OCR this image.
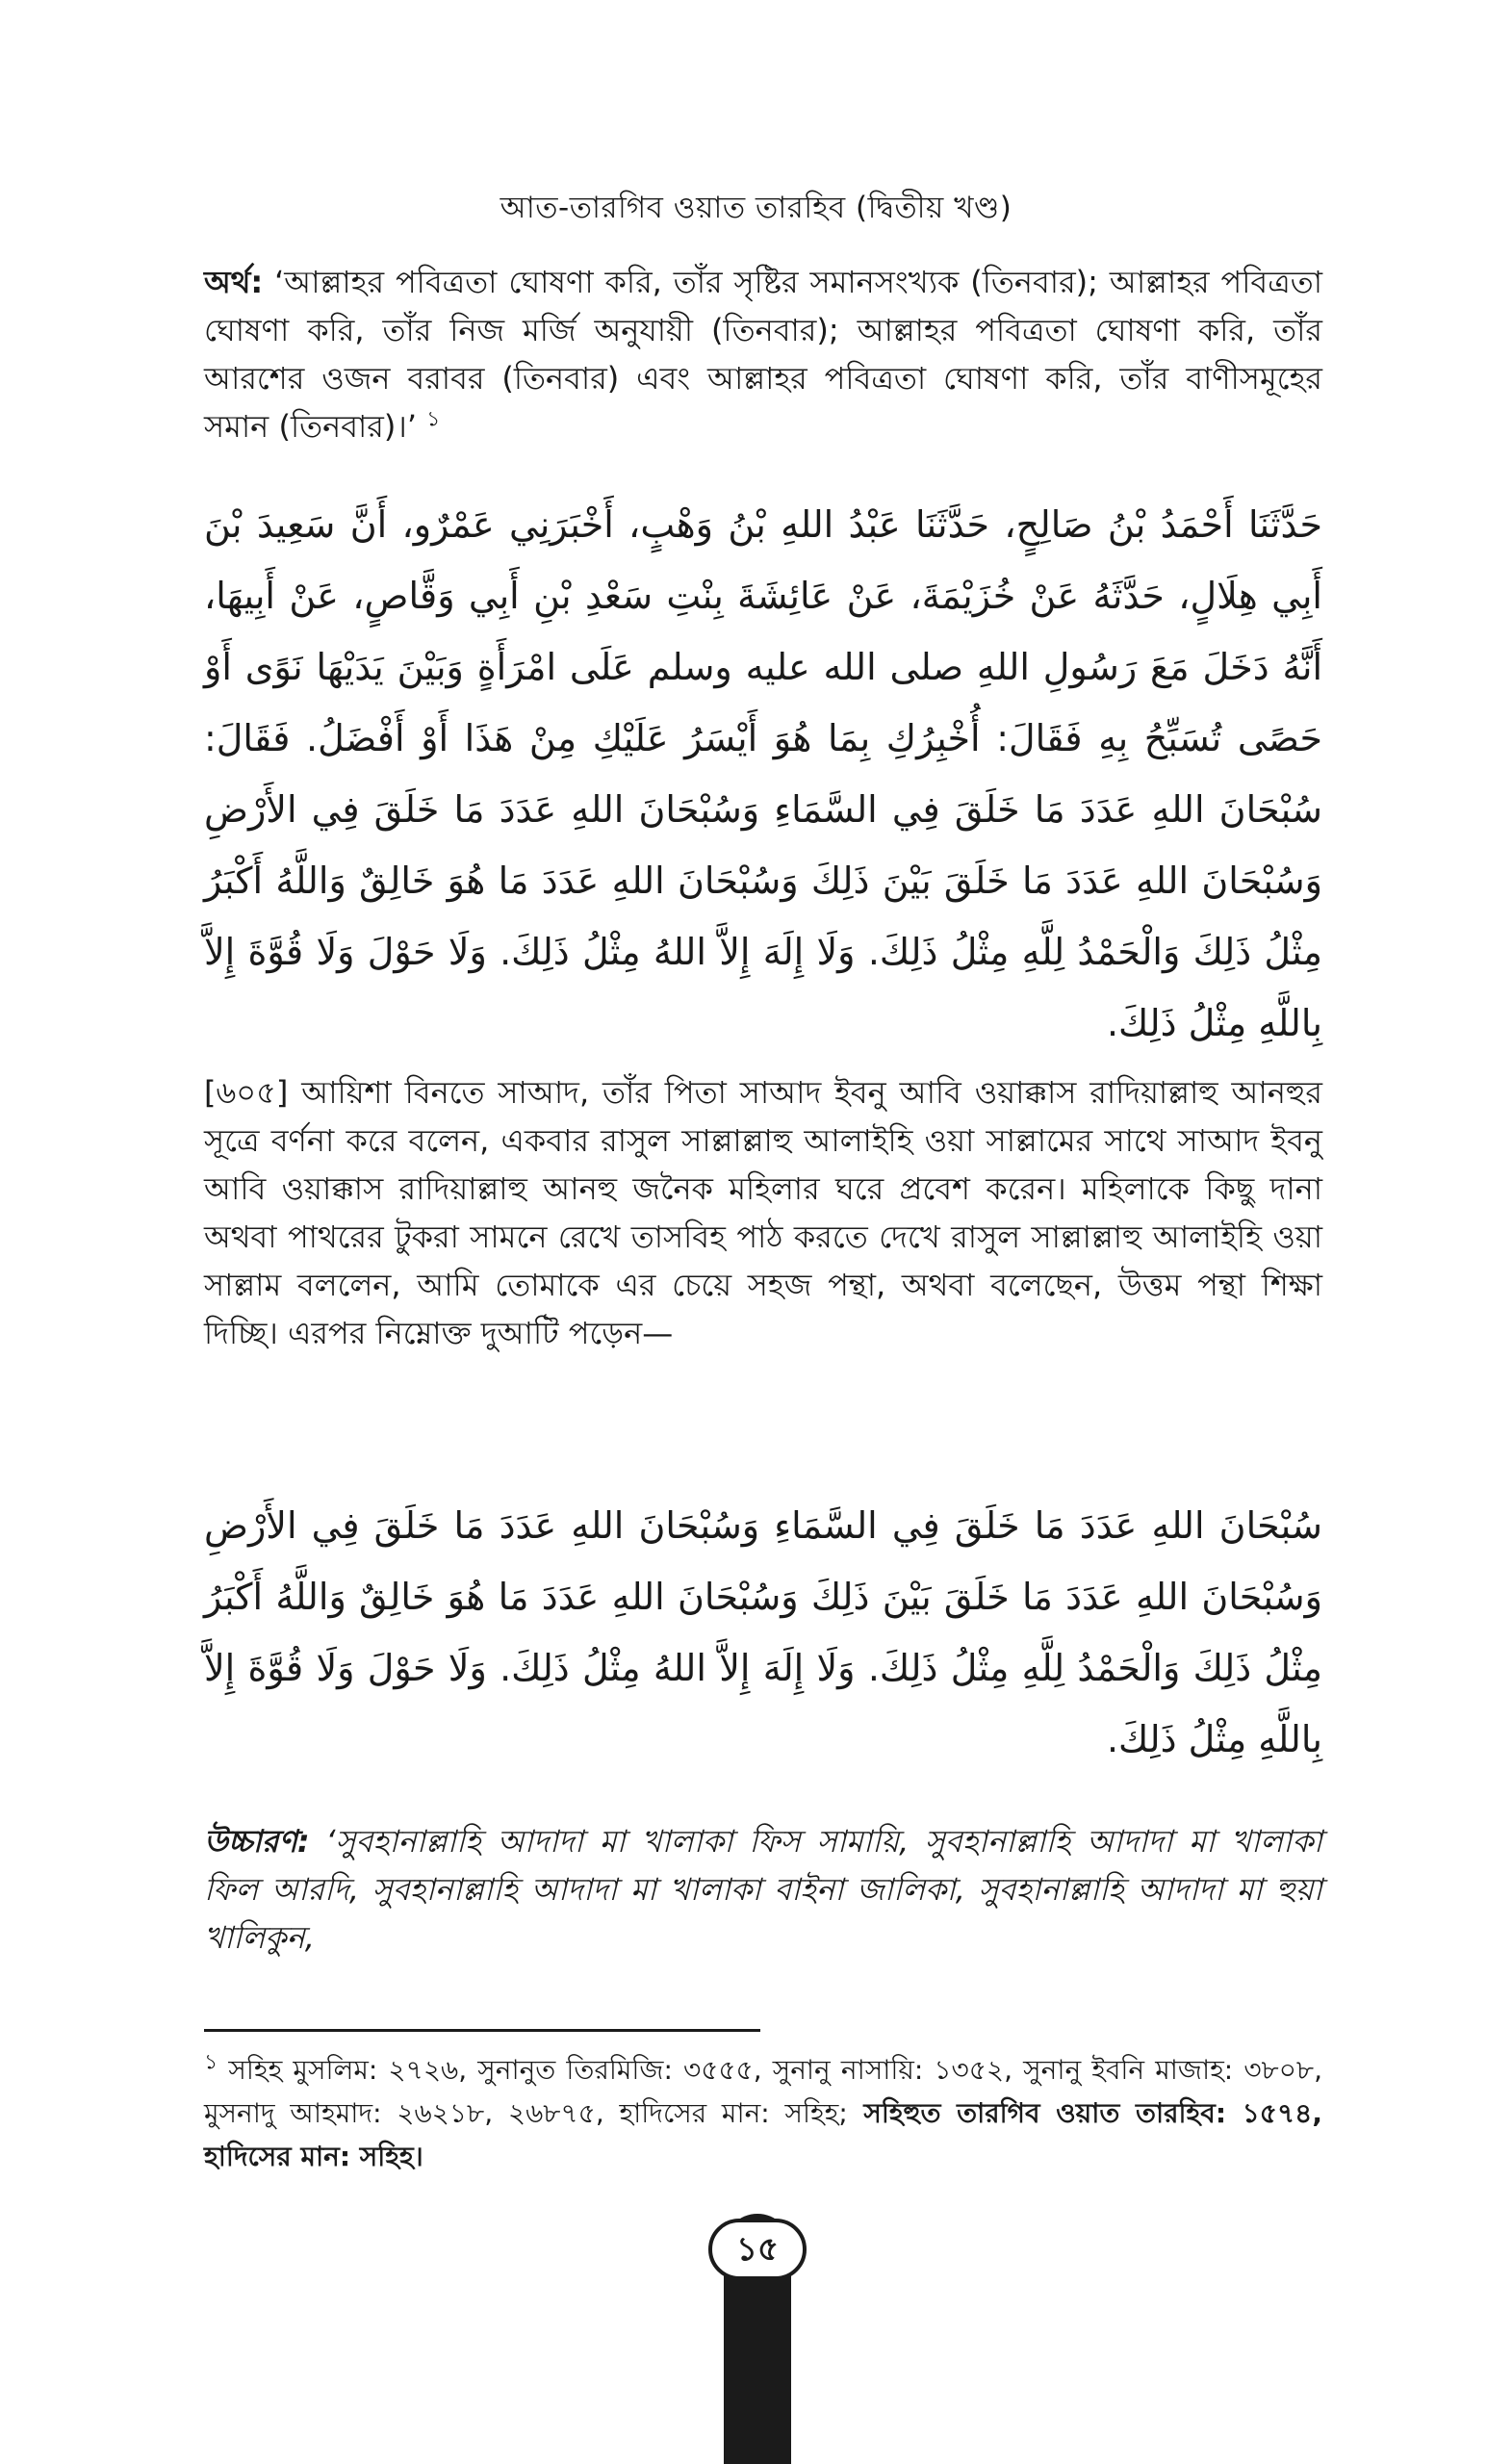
আত-তারগিব ওয়াত তারহিব (দ্বিতীয় খণ্ড)
অর্থ: ‘আল্লাহর পবিত্রতা ঘোষণা করি, তাঁর সৃষ্টির সমানসংখ্যক (তিনবার); আল্লাহর পবিত্রতা ঘোষণা করি, তাঁর নিজ মর্জি অনুযায়ী (তিনবার); আল্লাহর পবিত্রতা ঘোষণা করি, তাঁর আরশের ওজন বরাবর (তিনবার) এবং আল্লাহর পবিত্রতা ঘোষণা করি, তাঁর বাণীসমূহের সমান (তিনবার)।’ $^১$
حَدَّثَنَا أَحْمَدُ بْنُ صَالِحٍ، حَدَّثَنَا عَبْدُ اللهِ بْنُ وَهْبٍ، أَخْبَرَنِي عَمْرٌو، أَنَّ سَعِيدَ بْنَ أَبِي هِلَالٍ، حَدَّثَهُ عَنْ خُزَيْمَةَ، عَنْ عَائِشَةَ بِنْتِ سَعْدِ بْنِ أَبِي وَقَّاصٍ، عَنْ أَبِيهَا، أَنَّهُ دَخَلَ مَعَ رَسُولِ اللهِ صلى الله عليه وسلم عَلَى امْرَأَةٍ وَبَيْنَ يَدَيْهَا نَوًى أَوْ حَصًى تُسَبِّحُ بِهِ فَقَالَ: أُخْبِرُكِ بِمَا هُوَ أَيْسَرُ عَلَيْكِ مِنْ هَذَا أَوْ أَفْضَلُ. فَقَالَ: سُبْحَانَ اللهِ عَدَدَ مَا خَلَقَ فِي السَّمَاءِ وَسُبْحَانَ اللهِ عَدَدَ مَا خَلَقَ فِي الأَرْضِ وَسُبْحَانَ اللهِ عَدَدَ مَا خَلَقَ بَيْنَ ذَلِكَ وَسُبْحَانَ اللهِ عَدَدَ مَا هُوَ خَالِقٌ وَاللَّهُ أَكْبَرُ مِثْلُ ذَلِكَ وَالْحَمْدُ لِلَّهِ مِثْلُ ذَلِكَ. وَلَا إِلَهَ إِلاَّ اللهُ مِثْلُ ذَلِكَ. وَلَا حَوْلَ وَلَا قُوَّةَ إِلاَّ بِاللَّهِ مِثْلُ ذَلِكَ.
[৬০৫] আয়িশা বিনতে সাআদ, তাঁর পিতা সাআদ ইবনু আবি ওয়াক্কাস রাদিয়াল্লাহু আনহুর সূত্রে বর্ণনা করে বলেন, একবার রাসুল সাল্লাল্লাহু আলাইহি ওয়া সাল্লামের সাথে সাআদ ইবনু আবি ওয়াক্কাস রাদিয়াল্লাহু আনহু জনৈক মহিলার ঘরে প্রবেশ করেন। মহিলাকে কিছু দানা অথবা পাথরের টুকরা সামনে রেখে তাসবিহ পাঠ করতে দেখে রাসুল সাল্লাল্লাহু আলাইহি ওয়া সাল্লাম বললেন, আমি তোমাকে এর চেয়ে সহজ পন্থা, অথবা বলেছেন, উত্তম পন্থা শিক্ষা দিচ্ছি। এরপর নিম্নোক্ত দুআটি পড়েন—
سُبْحَانَ اللهِ عَدَدَ مَا خَلَقَ فِي السَّمَاءِ وَسُبْحَانَ اللهِ عَدَدَ مَا خَلَقَ فِي الأَرْضِ وَسُبْحَانَ اللهِ عَدَدَ مَا خَلَقَ بَيْنَ ذَلِكَ وَسُبْحَانَ اللهِ عَدَدَ مَا هُوَ خَالِقٌ وَاللَّهُ أَكْبَرُ مِثْلُ ذَلِكَ وَالْحَمْدُ لِلَّهِ مِثْلُ ذَلِكَ. وَلَا إِلَهَ إِلاَّ اللهُ مِثْلُ ذَلِكَ. وَلَا حَوْلَ وَلَا قُوَّةَ إِلاَّ بِاللَّهِ مِثْلُ ذَلِكَ.
উচ্চারণ: ‘সুবহানাল্লাহি আদাদা মা খালাকা ফিস সামায়ি, সুবহানাল্লাহি আদাদা মা খালাকা ফিল আরদি, সুবহানাল্লাহি আদাদা মা খালাকা বাইনা জালিকা, সুবহানাল্লাহি আদাদা মা হুয়া খালিকুন,
$^১$ সহিহ মুসলিম: ২৭২৬, সুনানুত তিরমিজি: ৩৫৫৫, সুনানু নাসায়ি: ১৩৫২, সুনানু ইবনি মাজাহ: ৩৮০৮, মুসনাদু আহমাদ: ২৬২১৮, ২৬৮৭৫, হাদিসের মান: সহিহ; সহিহুত তারগিব ওয়াত তারহিব: ১৫৭৪, হাদিসের মান: সহিহ।
১৫
